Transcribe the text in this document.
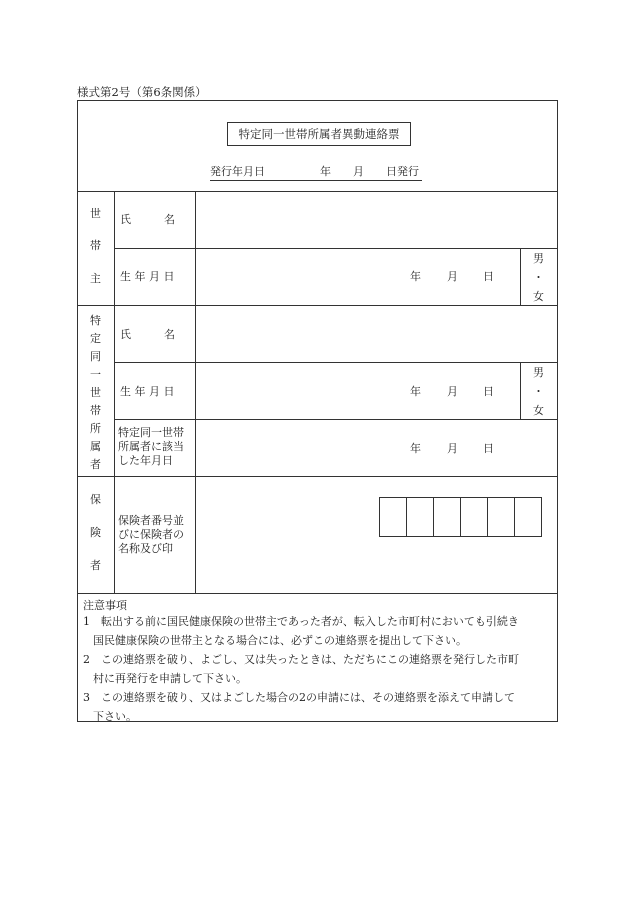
様式第2号（第6条関係）
特定同一世帯所属者異動連絡票
発行年月日　　　　　年　　月　　日発行
世
帯
主
氏　　　名
生 年 月 日	年 月 日
男
・
女
特
定
同
一
世
帯
所
属
者
氏　　　名
生 年 月 日	年 月 日
男
・
女
特定同一世帯
所属者に該当
した年月日
年 月 日
保
険
者
保険者番号並
びに保険者の
名称及び印
注意事項
1　転出する前に国民健康保険の世帯主であった者が、転入した市町村においても引続き
国民健康保険の世帯主となる場合には、必ずこの連絡票を提出して下さい。
2　この連絡票を破り、よごし、又は失ったときは、ただちにこの連絡票を発行した市町
村に再発行を申請して下さい。
3　この連絡票を破り、又はよごした場合の2の申請には、その連絡票を添えて申請して
下さい。
